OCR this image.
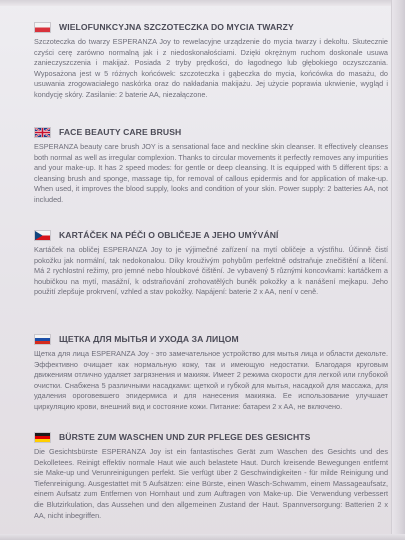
WIELOFUNKCYJNA SZCZOTECZKA DO MYCIA TWARZY

Szczoteczka do twarzy ESPERANZA Joy to rewelacyjne urządzenie do mycia twarzy i dekoltu. Skutecznie czyści cerę zarówno normalną jak i z niedoskonałościami. Dzięki okrężnym ruchom doskonale usuwa zanieczyszczenia i makijaż. Posiada 2 tryby prędkości, do łagodnego lub głębokiego oczyszczania. Wyposażona jest w 5 różnych końcówek: szczoteczka i gąbeczka do mycia, końcówka do masażu, do usuwania zrogowaciałego naskórka oraz do nakładania makijażu. Jej użycie poprawia ukrwienie, wygląd i kondycję skóry. Zasilanie: 2 baterie AA, niezałączone.

FACE BEAUTY CARE BRUSH

ESPERANZA beauty care brush JOY is a sensational face and neckline skin cleanser. It effectively cleanses both normal as well as irregular complexion. Thanks to circular movements it perfectly removes any impurities and your make-up. It has 2 speed modes: for gentle or deep cleansing. It is equipped with 5 different tips: a cleansing brush and sponge, massage tip, for removal of callous epidermis and for application of make-up. When used, it improves the blood supply, looks and condition of your skin. Power supply: 2 batteries AA, not included.

KARTÁČEK NA PÉČI O OBLIČEJE A JEHO UMÝVÁNÍ

Kartáček na obličej ESPERANZA Joy to je výjimečné zařízení na mytí obličeje a výstřihu. Účinně čistí pokožku jak normální, tak nedokonalou. Díky krouživým pohybům perfektně odstraňuje znečištění a líčení. Má 2 rychlostní režimy, pro jemné nebo hloubkové čištění. Je vybavený 5 různými koncovkami: kartáčkem a houbičkou na mytí, masážní, k odstraňování zrohovatělých buněk pokožky a k nanášení mejkapu. Jeho použití zlepšuje prokrvení, vzhled a stav pokožky. Napájení: baterie 2 x AA, není v ceně.

ЩЕТКА ДЛЯ МЫТЬЯ И УХОДА ЗА ЛИЦОМ

Щетка для лица ESPERANZA Joy - это замечательное устройство для мытья лица и области декольте. Эффективно очищает как нормальную кожу, так и имеющую недостатки. Благодаря круговым движениям отлично удаляет загрязнения и макияж. Имеет 2 режима скорости для легкой или глубокой очистки. Снабжена 5 различными насадками: щеткой и губкой для мытья, насадкой для массажа, для удаления ороговевшего эпидермиса и для нанесения макияжа. Ее использование улучшает циркуляцию крови, внешний вид и состояние кожи. Питание: батареи 2 x AA, не включено.

BÜRSTE ZUM WASCHEN UND ZUR PFLEGE DES GESICHTS

Die Gesichtsbürste ESPERANZA Joy ist ein fantastisches Gerät zum Waschen des Gesichts und des Dekolletees. Reinigt effektiv normale Haut wie auch belastete Haut. Durch kreisende Bewegungen entfernt sie Make-up und Verunreinigungen perfekt. Sie verfügt über 2 Geschwindigkeiten - für milde Reinigung und Tiefenreinigung. Ausgestattet mit 5 Aufsätzen: eine Bürste, einen Wasch-Schwamm, einem Massageaufsatz, einem Aufsatz zum Entfernen von Hornhaut und zum Auftragen von Make-up. Die Verwendung verbessert die Blutzirkulation, das Aussehen und den allgemeinen Zustand der Haut. Spannversorgung: Batterien 2 x AA, nicht inbegriffen.
